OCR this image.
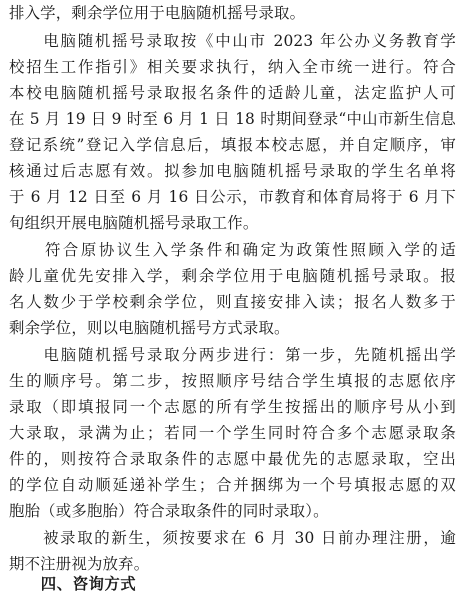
排入学，剩余学位用于电脑随机摇号录取。
　　电脑随机摇号录取按《中山市 2023 年公办义务教育学
校招生工作指引》相关要求执行，纳入全市统一进行。符合
本校电脑随机摇号录取报名条件的适龄儿童，法定监护人可
在 5 月 19 日 9 时至 6 月 1 日 18 时期间登录“中山市新生信息
登记系统”登记入学信息后，填报本校志愿，并自定顺序，审
核通过后志愿有效。拟参加电脑随机摇号录取的学生名单将
于 6 月 12 日至 6 月 16 日公示，市教育和体育局将于 6 月下
旬组织开展电脑随机摇号录取工作。
　　符合原协议生入学条件和确定为政策性照顾入学的适
龄儿童优先安排入学，剩余学位用于电脑随机摇号录取。报
名人数少于学校剩余学位，则直接安排入读；报名人数多于
剩余学位，则以电脑随机摇号方式录取。
　　电脑随机摇号录取分两步进行：第一步，先随机摇出学
生的顺序号。第二步，按照顺序号结合学生填报的志愿依序
录取（即填报同一个志愿的所有学生按摇出的顺序号从小到
大录取，录满为止；若同一个学生同时符合多个志愿录取条
件的，则按符合录取条件的志愿中最优先的志愿录取，空出
的学位自动顺延递补学生；合并捆绑为一个号填报志愿的双
胞胎（或多胞胎）符合录取条件的同时录取）。
　　被录取的新生，须按要求在 6 月 30 日前办理注册，逾
期不注册视为放弃。
　　四、咨询方式
